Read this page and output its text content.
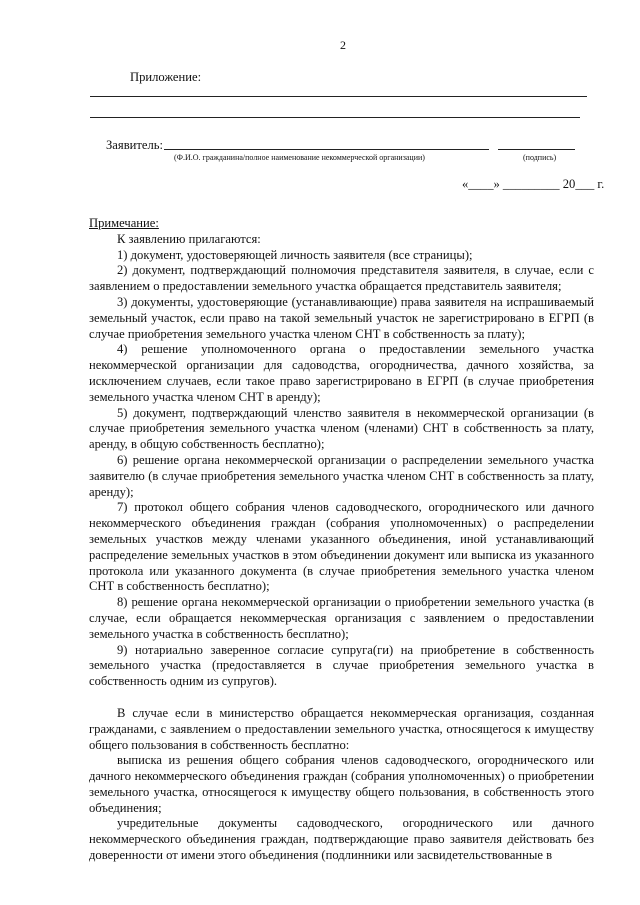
2
Приложение:
Заявитель:
(Ф.И.О. гражданина/полное наименование некоммерческой организации)	(подпись)
«____» _________ 20___ г.

Примечание:

К заявлению прилагаются:

1) документ, удостоверяющей личность заявителя (все страницы);

2) документ, подтверждающий полномочия представителя заявителя, в случае, если с заявлением о предоставлении земельного участка обращается представитель заявителя;

3) документы, удостоверяющие (устанавливающие) права заявителя на испрашиваемый земельный участок, если право на такой земельный участок не зарегистрировано в ЕГРП (в случае приобретения земельного участка членом СНТ в собственность за плату);

4) решение уполномоченного органа о предоставлении земельного участка некоммерческой организации для садоводства, огородничества, дачного хозяйства, за исключением случаев, если такое право зарегистрировано в ЕГРП (в случае приобретения земельного участка членом СНТ в аренду);

5) документ, подтверждающий членство заявителя в некоммерческой организации (в случае приобретения земельного участка членом (членами) СНТ в собственность за плату, аренду, в общую собственность бесплатно);

6) решение органа некоммерческой организации о распределении земельного участка заявителю (в случае приобретения земельного участка членом СНТ в собственность за плату, аренду);

7) протокол общего собрания членов садоводческого, огороднического или дачного некоммерческого объединения граждан (собрания уполномоченных) о распределении земельных участков между членами указанного объединения, иной устанавливающий распределение земельных участков в этом объединении документ или выписка из указанного протокола или указанного документа (в случае приобретения земельного участка членом СНТ в собственность бесплатно);

8) решение органа некоммерческой организации о приобретении земельного участка (в случае, если обращается некоммерческая организация с заявлением о предоставлении земельного участка в собственность бесплатно);

9) нотариально заверенное согласие супруга(ги) на приобретение в собственность земельного участка (предоставляется в случае приобретения земельного участка в собственность одним из супругов).

В случае если в министерство обращается некоммерческая организация, созданная гражданами, с заявлением о предоставлении земельного участка, относящегося к имуществу общего пользования в собственность бесплатно:

выписка из решения общего собрания членов садоводческого, огороднического или дачного некоммерческого объединения граждан (собрания уполномоченных) о приобретении земельного участка, относящегося к имуществу общего пользования, в собственность этого объединения;

учредительные документы садоводческого, огороднического или дачного некоммерческого объединения граждан, подтверждающие право заявителя действовать без доверенности от имени этого объединения (подлинники или засвидетельствованные в
